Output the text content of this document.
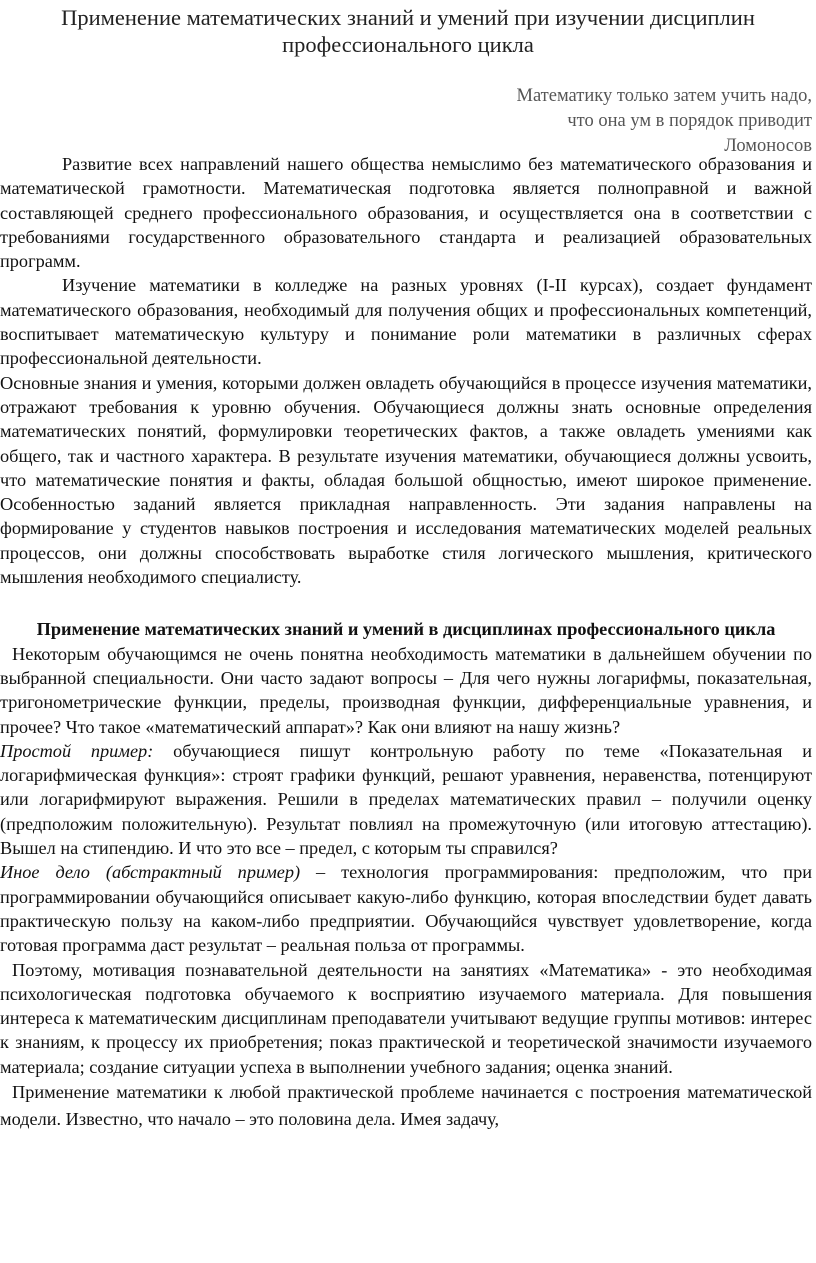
Применение математических знаний и умений при изучении дисциплин профессионального цикла
Математику только затем учить надо,
что она ум в порядок приводит
Ломоносов

Развитие всех направлений нашего общества немыслимо без математического образования и математической грамотности. Математическая подготовка является полноправной и важной составляющей среднего профессионального образования, и осуществляется она в соответствии с требованиями государственного образовательного стандарта и реализацией образовательных программ.

Изучение математики в колледже на разных уровнях (I-II курсах), создает фундамент математического образования, необходимый для получения общих и профессиональных компетенций, воспитывает математическую культуру и понимание роли математики в различных сферах профессиональной деятельности.

Основные знания и умения, которыми должен овладеть обучающийся в процессе изучения математики, отражают требования к уровню обучения. Обучающиеся должны знать основные определения математических понятий, формулировки теоретических фактов, а также овладеть умениями как общего, так и частного характера. В результате изучения математики, обучающиеся должны усвоить, что математические понятия и факты, обладая большой общностью, имеют широкое применение. Особенностью заданий является прикладная направленность. Эти задания направлены на формирование у студентов навыков построения и исследования математических моделей реальных процессов, они должны способствовать выработке стиля логического мышления, критического мышления необходимого специалисту.

Применение математических знаний и умений в дисциплинах профессионального цикла

Некоторым обучающимся не очень понятна необходимость математики в дальнейшем обучении по выбранной специальности. Они часто задают вопросы – Для чего нужны логарифмы, показательная, тригонометрические функции, пределы, производная функции, дифференциальные уравнения, и прочее? Что такое «математический аппарат»? Как они влияют на нашу жизнь?

Простой пример: обучающиеся пишут контрольную работу по теме «Показательная и логарифмическая функция»: строят графики функций, решают уравнения, неравенства, потенцируют или логарифмируют выражения. Решили в пределах математических правил – получили оценку (предположим положительную). Результат повлиял на промежуточную (или итоговую аттестацию). Вышел на стипендию. И что это все – предел, с которым ты справился?

Иное дело (абстрактный пример) – технология программирования: предположим, что при программировании обучающийся описывает какую-либо функцию, которая впоследствии будет давать практическую пользу на каком-либо предприятии. Обучающийся чувствует удовлетворение, когда готовая программа даст результат – реальная польза от программы.

Поэтому, мотивация познавательной деятельности на занятиях «Математика» - это необходимая психологическая подготовка обучаемого к восприятию изучаемого материала. Для повышения интереса к математическим дисциплинам преподаватели учитывают ведущие группы мотивов: интерес к знаниям, к процессу их приобретения; показ практической и теоретической значимости изучаемого материала; создание ситуации успеха в выполнении учебного задания; оценка знаний.

Применение математики к любой практической проблеме начинается с построения математической модели. Известно, что начало – это половина дела. Имея задачу,
